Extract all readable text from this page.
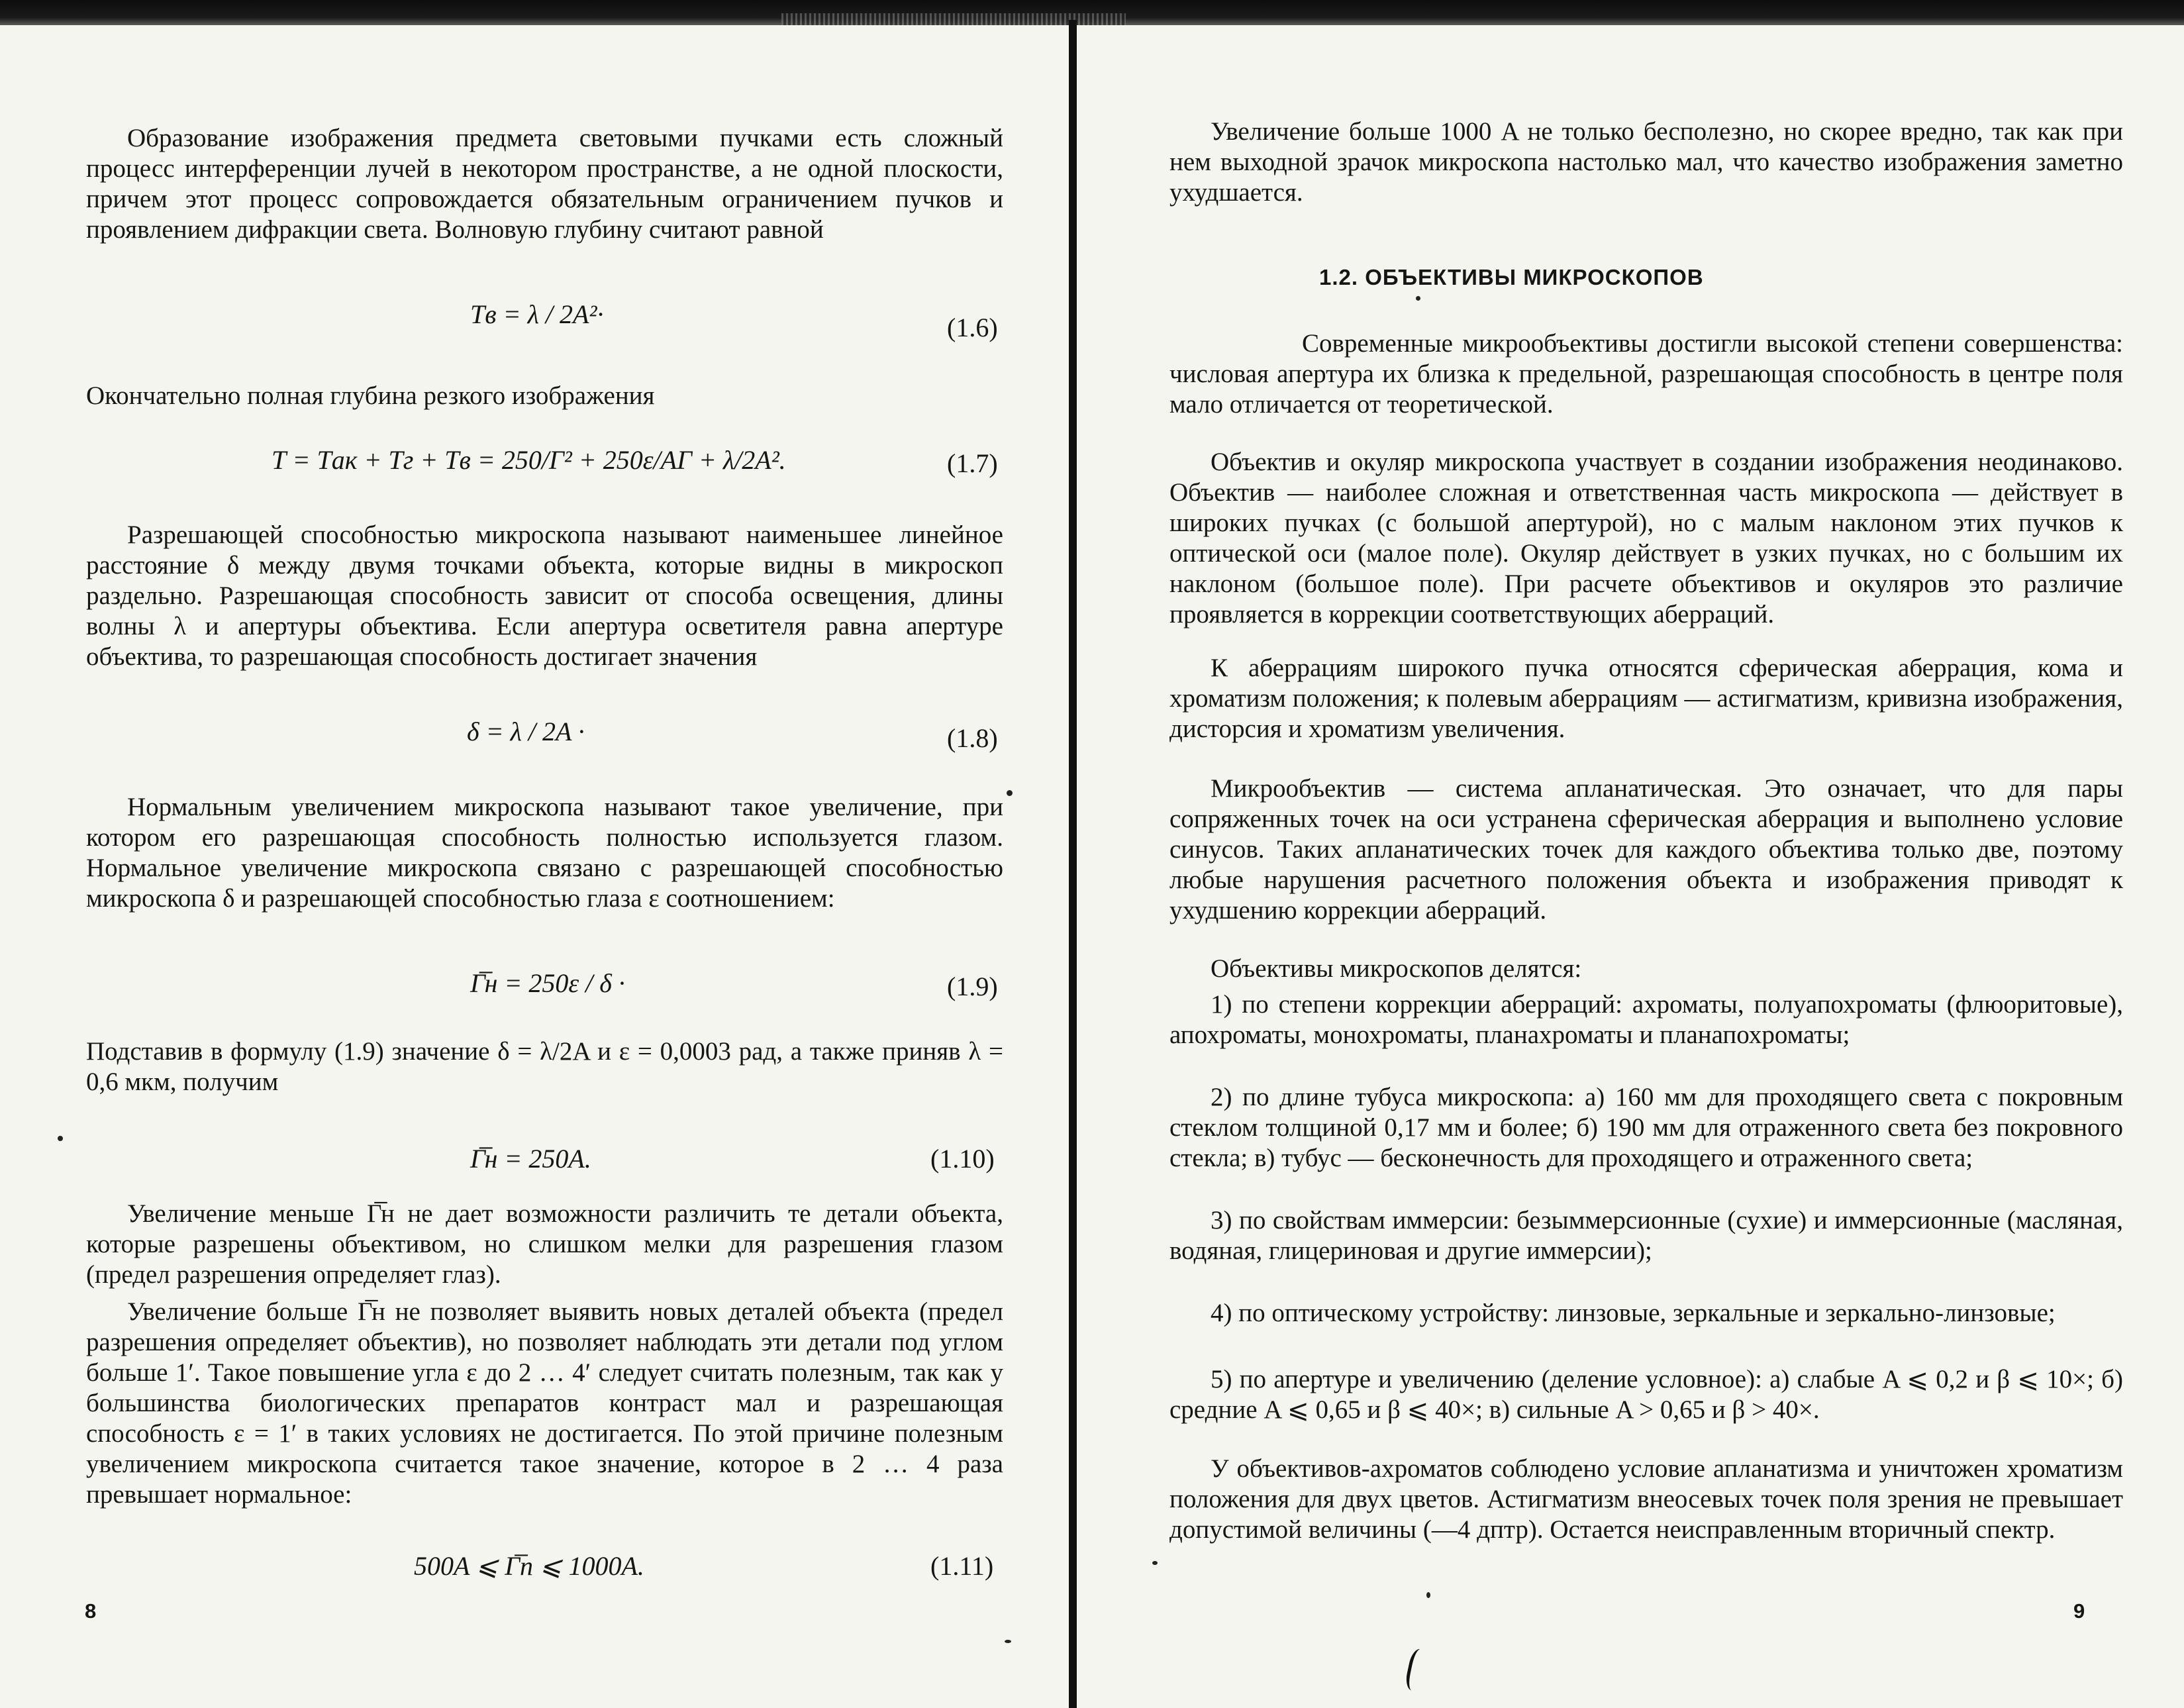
Образование изображения предмета световыми пучками есть сложный процесс интерференции лучей в некотором пространстве, а не одной плоскости, причем этот процесс сопровождается обязательным ограничением пучков и проявлением дифракции света. Волновую глубину считают равной

Tв = λ / 2A²·	(1.6)

Окончательно полная глубина резкого изображения

T = Tак + Tг + Tв = 250/Г² + 250ε/AГ + λ/2A².	(1.7)

Разрешающей способностью микроскопа называют наименьшее линейное расстояние δ между двумя точками объекта, которые видны в микроскоп раздельно. Разрешающая способность зависит от способа освещения, длины волны λ и апертуры объектива. Если апертура осветителя равна апертуре объектива, то разрешающая способность достигает значения

δ = λ / 2A ·	(1.8)

Нормальным увеличением микроскопа называют такое увеличение, при котором его разрешающая способность полностью используется глазом. Нормальное увеличение микроскопа связано с разрешающей способностью микроскопа δ и разрешающей способностью глаза ε соотношением:

Г̅н = 250ε / δ ·	(1.9)

Подставив в формулу (1.9) значение δ = λ/2A и ε = 0,0003 рад, а также приняв λ = 0,6 мкм, получим

Г̅н = 250A.	(1.10)

Увеличение меньше Г̅н не дает возможности различить те детали объекта, которые разрешены объективом, но слишком мелки для разрешения глазом (предел разрешения определяет глаз).

Увеличение больше Г̅н не позволяет выявить новых деталей объекта (предел разрешения определяет объектив), но позволяет наблюдать эти детали под углом больше 1′. Такое повышение угла ε до 2 … 4′ следует считать полезным, так как у большинства биологических препаратов контраст мал и разрешающая способность ε = 1′ в таких условиях не достигается. По этой причине полезным увеличением микроскопа считается такое значение, которое в 2 … 4 раза превышает нормальное:

500A ⩽ Г̅п ⩽ 1000A.	(1.11)
8

Увеличение больше 1000 A не только бесполезно, но скорее вредно, так как при нем выходной зрачок микроскопа настолько мал, что качество изображения заметно ухудшается.

1.2. ОБЪЕКТИВЫ МИКРОСКОПОВ

Современные микрообъективы достигли высокой степени совершенства: числовая апертура их близка к предельной, разрешающая способность в центре поля мало отличается от теоретической.

Объектив и окуляр микроскопа участвует в создании изображения неодинаково. Объектив — наиболее сложная и ответственная часть микроскопа — действует в широких пучках (с большой апертурой), но с малым наклоном этих пучков к оптической оси (малое поле). Окуляр действует в узких пучках, но с большим их наклоном (большое поле). При расчете объективов и окуляров это различие проявляется в коррекции соответствующих аберраций.

К аберрациям широкого пучка относятся сферическая аберрация, кома и хроматизм положения; к полевым аберрациям — астигматизм, кривизна изображения, дисторсия и хроматизм увеличения.

Микрообъектив — система апланатическая. Это означает, что для пары сопряженных точек на оси устранена сферическая аберрация и выполнено условие синусов. Таких апланатических точек для каждого объектива только две, поэтому любые нарушения расчетного положения объекта и изображения приводят к ухудшению коррекции аберраций.

Объективы микроскопов делятся:

1) по степени коррекции аберраций: ахроматы, полуапохроматы (флюоритовые), апохроматы, монохроматы, планахроматы и планапохроматы;

2) по длине тубуса микроскопа: а) 160 мм для проходящего света с покровным стеклом толщиной 0,17 мм и более; б) 190 мм для отраженного света без покровного стекла; в) тубус — бесконечность для проходящего и отраженного света;

3) по свойствам иммерсии: безыммерсионные (сухие) и иммерсионные (масляная, водяная, глицериновая и другие иммерсии);

4) по оптическому устройству: линзовые, зеркальные и зеркально-линзовые;

5) по апертуре и увеличению (деление условное): а) слабые A ⩽ 0,2 и β ⩽ 10×; б) средние A ⩽ 0,65 и β ⩽ 40×; в) сильные A > 0,65 и β > 40×.

У объективов-ахроматов соблюдено условие апланатизма и уничтожен хроматизм положения для двух цветов. Астигматизм внеосевых точек поля зрения не превышает допустимой величины (—4 дптр). Остается неисправленным вторичный спектр.

9
